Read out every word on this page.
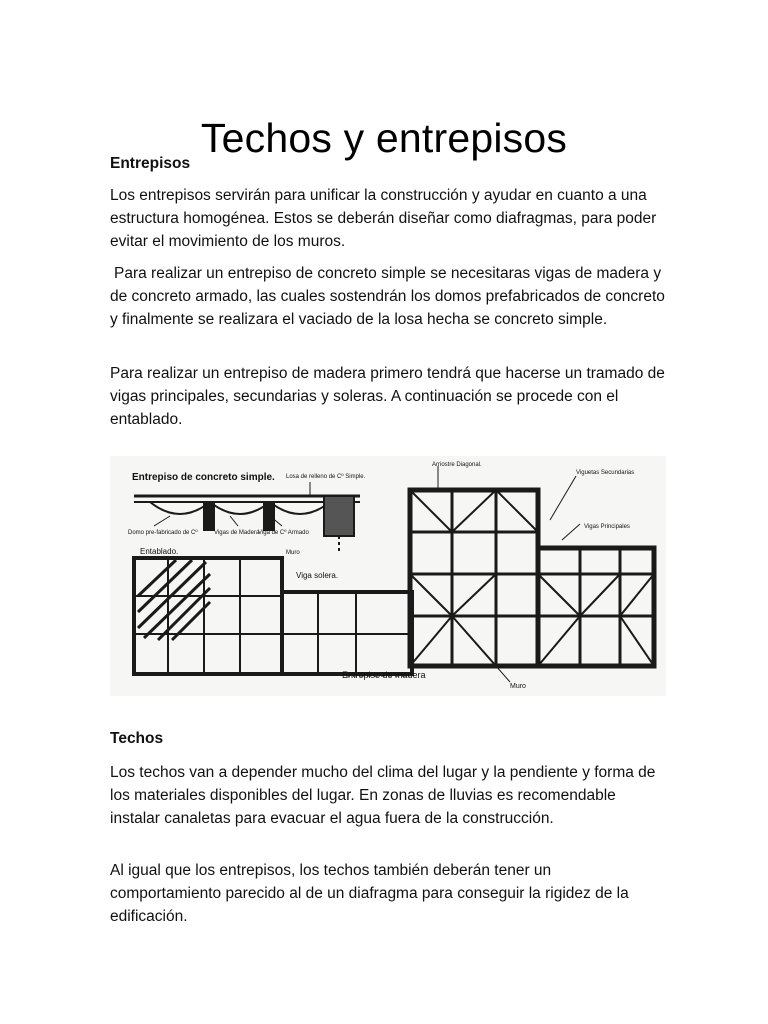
Techos y entrepisos

Entrepisos

Los entrepisos servirán para unificar la construcción y ayudar en cuanto a una estructura homogénea. Estos se deberán diseñar como diafragmas, para poder evitar el movimiento de los muros.

Para realizar un entrepiso de concreto simple se necesitaras vigas de madera y de concreto armado, las cuales sostendrán los domos prefabricados de concreto y finalmente se realizara el vaciado de la losa hecha se concreto simple.

Para realizar un entrepiso de madera primero tendrá que hacerse un tramado de vigas principales, secundarias y soleras. A continuación se procede con el entablado.

Entrepiso de concreto simple. Losa de relleno de Cº Simple.
Domo pre-fabricado de Cº	Vigas de Madera
Viga de Cº Armado
Muro
Entablado.
Viga solera.
Arriostre Diagonal.
Viguetas Secundarias
Vigas Principales
Entrepiso de madera
Muro

Techos

Los techos van a depender mucho del clima del lugar y la pendiente y forma de los materiales disponibles del lugar. En zonas de lluvias es recomendable instalar canaletas para evacuar el agua fuera de la construcción.

Al igual que los entrepisos, los techos también deberán tener un comportamiento parecido al de un diafragma para conseguir la rigidez de la edificación.
